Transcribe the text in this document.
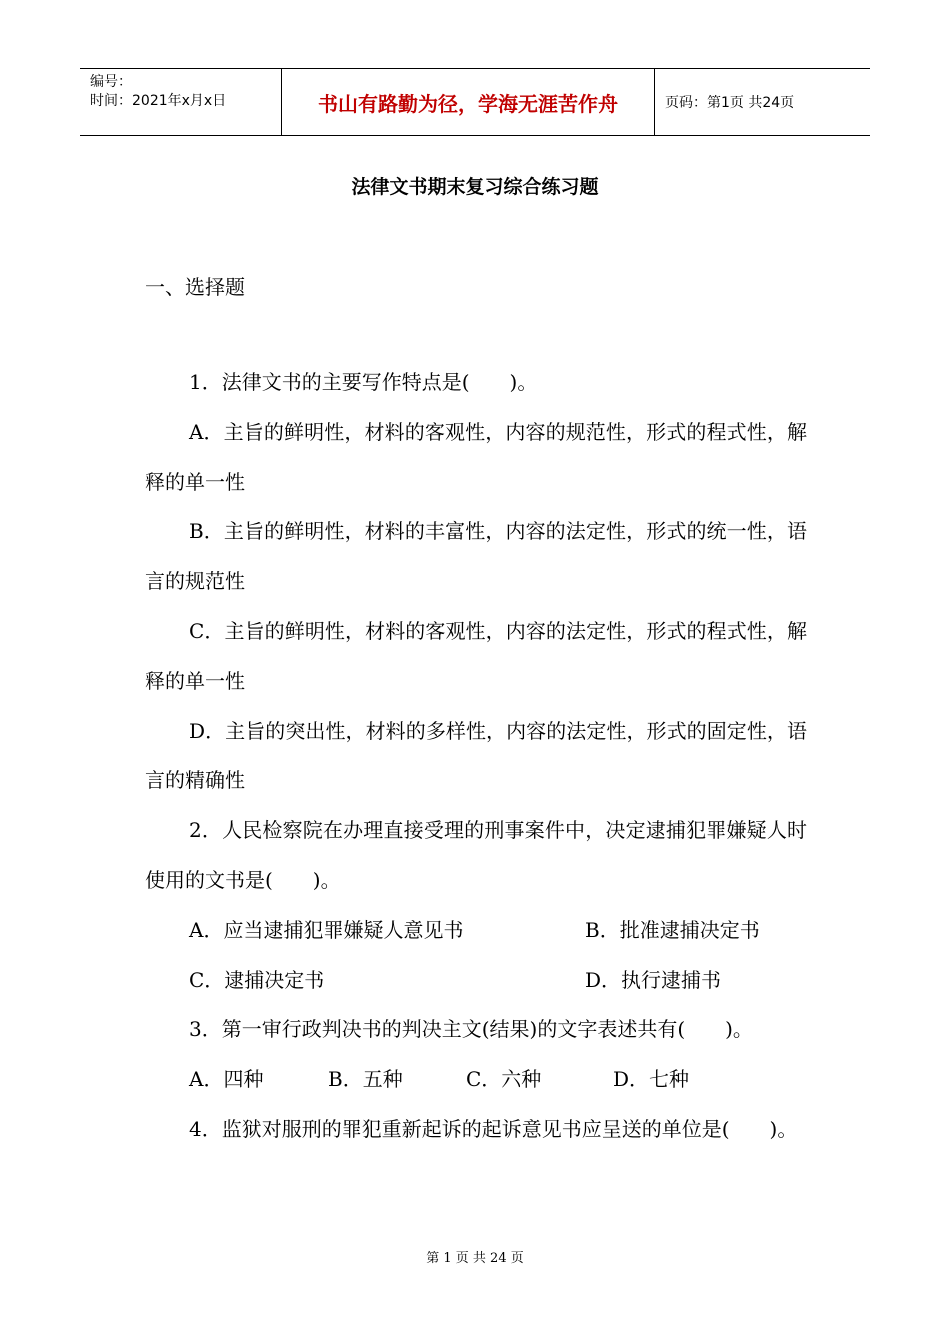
编号：
时间：2021年x月x日	书山有路勤为径，学海无涯苦作舟	页码：第1页 共24页
法律文书期末复习综合练习题
一、选择题
1．法律文书的主要写作特点是(　　)。
A．主旨的鲜明性，材料的客观性，内容的规范性，形式的程式性，解释的单一性
B．主旨的鲜明性，材料的丰富性，内容的法定性，形式的统一性，语言的规范性
C．主旨的鲜明性，材料的客观性，内容的法定性，形式的程式性，解释的单一性
D．主旨的突出性，材料的多样性，内容的法定性，形式的固定性，语言的精确性
2．人民检察院在办理直接受理的刑事案件中，决定逮捕犯罪嫌疑人时使用的文书是(　　)。
A．应当逮捕犯罪嫌疑人意见书	B．批准逮捕决定书
C．逮捕决定书	D．执行逮捕书
3．第一审行政判决书的判决主文(结果)的文字表述共有(　　)。
A．四种	B．五种	C．六种	D．七种
4．监狱对服刑的罪犯重新起诉的起诉意见书应呈送的单位是(　　)。
第 1 页 共 24 页
